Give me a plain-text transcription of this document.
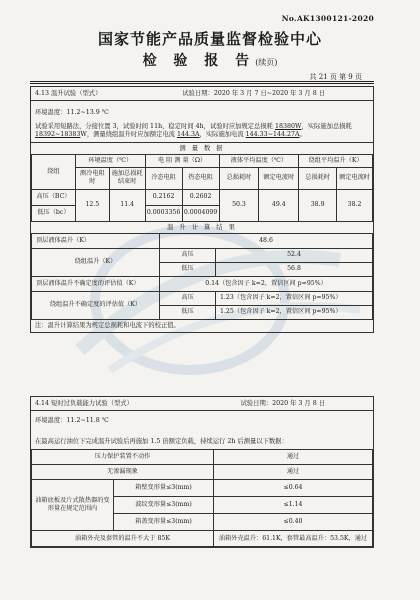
No.AK1300121-2020
国家节能产品质量监督检验中心
检 验 报 告(续页)
共 21 页 第 9 页
4.13 温升试验（型式）	试验日期：2020 年 3 月 7 日~2020 年 3 月 8 日
环境温度：11.2~13.9 ℃
试验采用短路法，分接位置 3，试验时间 11h，稳定时间 4h，试验时应加规定总损耗 18380W，实际施加总损耗 18392~18383W，测量绕组温升时应加额定电流 144.3A，实际施加电流 144.33~144.27A。
测 量 数 据
绕组	环境温度（℃）		电 阻 测 量（Ω）		液体平均温度（℃）		绕组平均温升（K）	
	测冷电阻时	施加总损耗结束时	冷态电阻	热态电阻	总损耗时	额定电流时	总损耗时	额定电流时
高压（BC）	12.5	11.4	0.2162	0.2602	50.3	49.4	38.9	38.2
低压（bc）			0.0003356	0.0004099				
温 升 计 算 结 果
顶层液体温升（K）	48.6	
绕组温升（K）	高压	52.4
	低压	56.8
顶层液体温升不确定度的评估值（K）	0.14（包含因子 k=2，置信区间 p≈95%）	
绕组温升不确定度的评估值（K）	高压	1.23（包含因子 k=2，置信区间 p≈95%）
	低压	1.25（包含因子 k=2，置信区间 p≈95%）
注：温升计算结果为规定总损耗和电流下的校正值。
4.14 短时过负载能力试验（型式）	试验日期：2020 年 3 月 8 日
环境温度：11.2~11.8 ℃
在最高运行油位下完成温升试验后再施加 1.5 倍额定负载，持续运行 2h 后测量以下数据：
压力保护装置不动作		通过
无渗漏现象		通过
油箱底板及片式散热器的变形量在规定范围内	箱壁变形量≤3(mm)	≤0.64
	波纹变形量≤3(mm)	≤1.14
	箱盖变形量≤3(mm)	≤0.40
油箱外壳及套管的温升不大于 85K		油箱外壳温升：61.1K，套管最高温升：53.5K，通过
